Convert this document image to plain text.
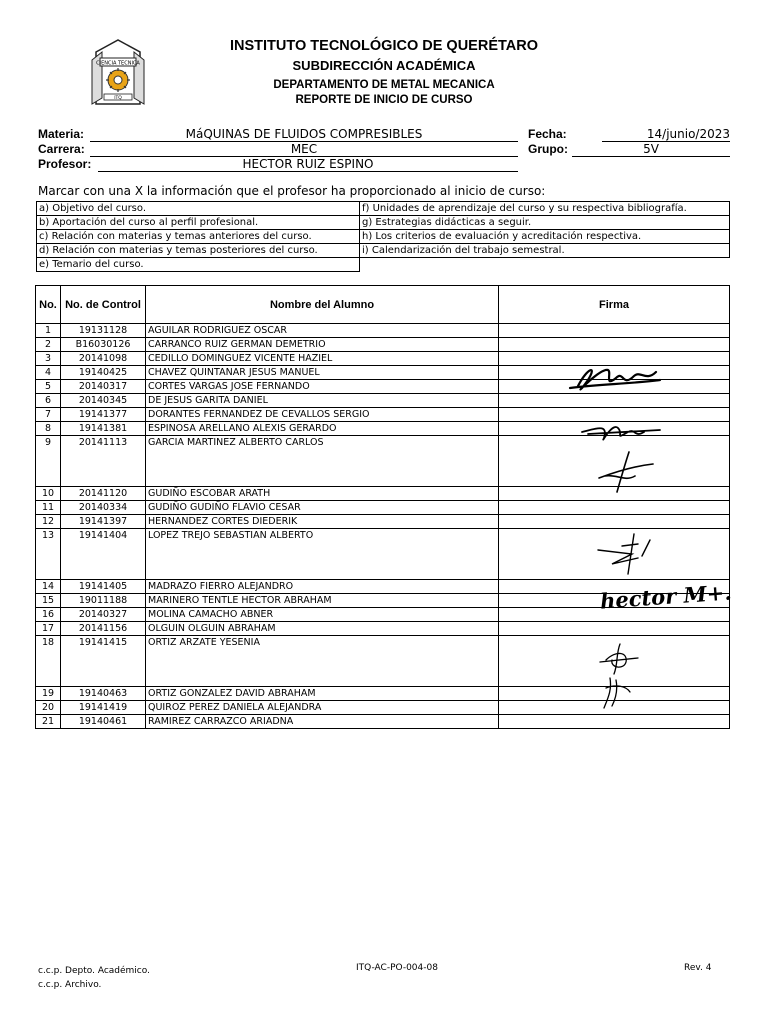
INSTITUTO TECNOLÓGICO DE QUERÉTARO
SUBDIRECCIÓN ACADÉMICA
DEPARTAMENTO DE METAL MECANICA
REPORTE DE INICIO DE CURSO
CIENCIA TECNICA
ITQ
Materia:	MáQUINAS DE FLUIDOS COMPRESIBLES
Carrera:	MEC
Profesor:	HECTOR RUIZ ESPINO
Fecha:	14/junio/2023
Grupo:	5V
Marcar con una X la información que el profesor ha proporcionado al inicio de curso:
a) Objetivo del curso.	f) Unidades de aprendizaje del curso y su respectiva bibliografía.
b) Aportación del curso al perfil profesional.	g) Estrategias didácticas a seguir.
c) Relación con materias y temas anteriores del curso.	h) Los criterios de evaluación y acreditación respectiva.
d) Relación con materias y temas posteriores del curso.	i) Calendarización del trabajo semestral.
e) Temario del curso.	
No.	No. de Control	Nombre del Alumno	Firma
1	19131128	AGUILAR RODRIGUEZ OSCAR	
2	B16030126	CARRANCO RUIZ GERMAN DEMETRIO	
3	20141098	CEDILLO DOMINGUEZ VICENTE HAZIEL	
4	19140425	CHAVEZ QUINTANAR JESUS MANUEL	
5	20140317	CORTES VARGAS JOSE FERNANDO	
6	20140345	DE JESUS GARITA DANIEL	
7	19141377	DORANTES FERNANDEZ DE CEVALLOS SERGIO	
8	19141381	ESPINOSA ARELLANO ALEXIS GERARDO	
9	20141113	GARCIA MARTINEZ ALBERTO CARLOS	
10	20141120	GUDIÑO ESCOBAR ARATH	
11	20140334	GUDIÑO GUDIÑO FLAVIO CESAR	
12	19141397	HERNANDEZ CORTES DIEDERIK	
13	19141404	LOPEZ TREJO SEBASTIAN ALBERTO	
14	19141405	MADRAZO FIERRO ALEJANDRO	
15	19011188	MARINERO TENTLE HECTOR ABRAHAM	
16	20140327	MOLINA CAMACHO ABNER	
17	20141156	OLGUIN OLGUIN ABRAHAM	
18	19141415	ORTIZ ARZATE YESENIA	
19	19140463	ORTIZ GONZALEZ DAVID ABRAHAM	
20	19141419	QUIROZ PEREZ DANIELA ALEJANDRA	
21	19140461	RAMIREZ CARRAZCO ARIADNA	
hector M+.
c.c.p. Depto. Académico.
c.c.p. Archivo.
ITQ-AC-PO-004-08	Rev. 4
